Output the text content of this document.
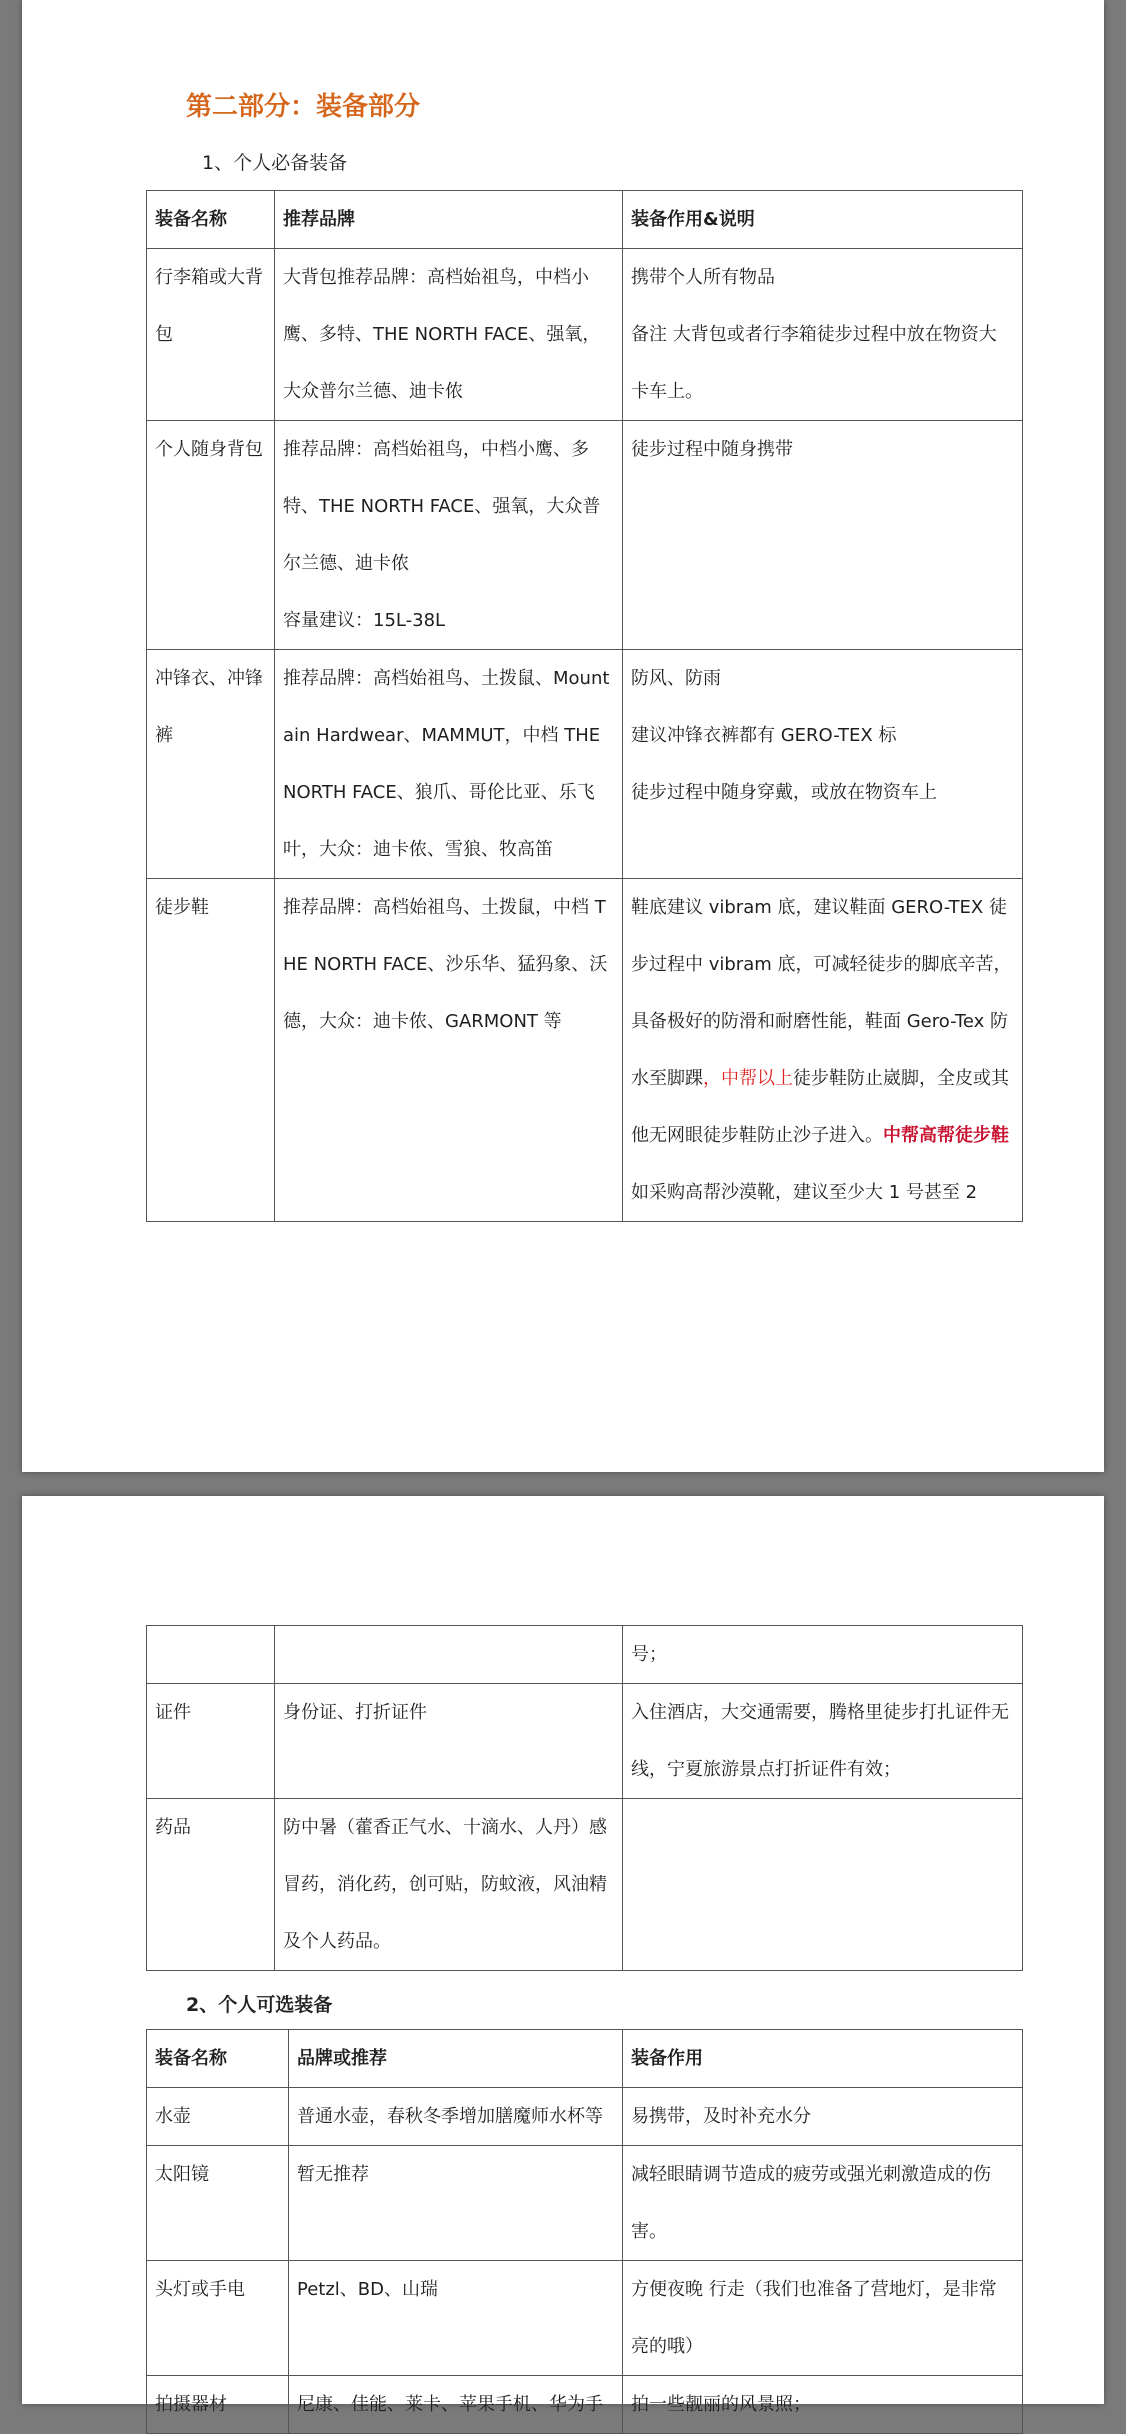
第二部分：装备部分
1、个人必备装备
装备名称	推荐品牌	装备作用&说明
行李箱或大背包	大背包推荐品牌：高档始祖鸟，中档小鹰、多特、THE NORTH FACE、强氧，大众普尔兰德、迪卡侬	携带个人所有物品
备注 大背包或者行李箱徒步过程中放在物资大卡车上。

个人随身背包	推荐品牌：高档始祖鸟，中档小鹰、多特、THE NORTH FACE、强氧，大众普尔兰德、迪卡侬
容量建议：15L-38L	徒步过程中随身携带
冲锋衣、冲锋裤	推荐品牌：高档始祖鸟、土拨鼠、Mountain Hardwear、MAMMUT，中档 THE NORTH FACE、狼爪、哥伦比亚、乐飞叶，大众：迪卡侬、雪狼、牧高笛	防风、防雨
建议冲锋衣裤都有 GERO-TEX 标
徒步过程中随身穿戴，或放在物资车上

徒步鞋	推荐品牌：高档始祖鸟、土拨鼠，中档 THE NORTH FACE、沙乐华、猛犸象、沃德，大众：迪卡侬、GARMONT 等	鞋底建议 vibram 底，建议鞋面 GERO-TEX 徒步过程中 vibram 底，可减轻徒步的脚底辛苦，具备极好的防滑和耐磨性能，鞋面 Gero-Tex 防水至脚踝，中帮以上徒步鞋防止崴脚，全皮或其他无网眼徒步鞋防止沙子进入。中帮高帮徒步鞋
如采购高帮沙漠靴，建议至少大 1 号甚至 2
		号；
证件	身份证、打折证件	入住酒店，大交通需要，腾格里徒步打扎证件无线，宁夏旅游景点打折证件有效；
药品	防中暑（藿香正气水、十滴水、人丹）感冒药，消化药，创可贴，防蚊液，风油精及个人药品。	
2、个人可选装备
装备名称	品牌或推荐	装备作用
水壶	普通水壶，春秋冬季增加膳魔师水杯等	易携带，及时补充水分
太阳镜	暂无推荐	减轻眼睛调节造成的疲劳或强光刺激造成的伤害。
头灯或手电	Petzl、BD、山瑞	方便夜晚 行走（我们也准备了营地灯，是非常亮的哦）
拍摄器材	尼康、佳能、莱卡、苹果手机、华为手	拍一些靓丽的风景照；
